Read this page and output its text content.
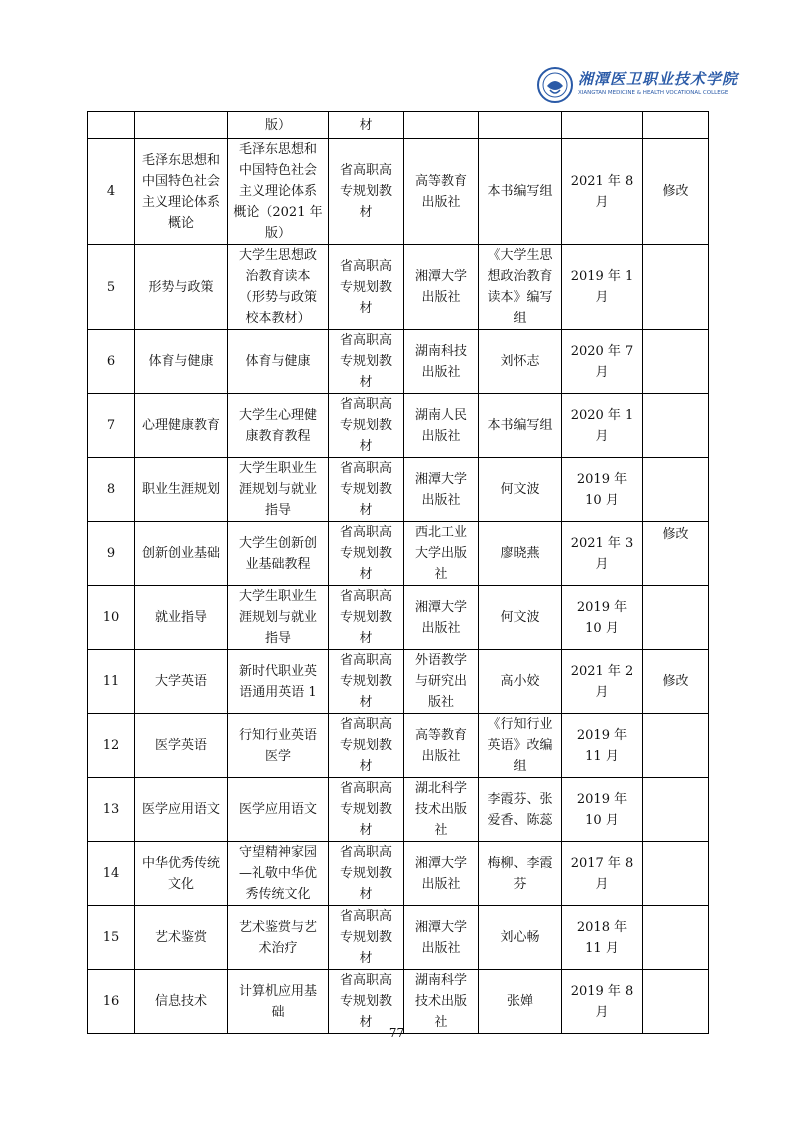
湘潭医卫职业技术学院
XIANGTAN MEDICINE & HEALTH VOCATIONAL COLLEGE
		版）	材				
4	毛泽东思想和中国特色社会主义理论体系概论	毛泽东思想和中国特色社会主义理论体系概论（2021 年版）	省高职高专规划教材	高等教育出版社	本书编写组	2021 年 8 月	修改
5	形势与政策	大学生思想政治教育读本（形势与政策校本教材）	省高职高专规划教材	湘潭大学出版社	《大学生思想政治教育读本》编写组	2019 年 1 月	
6	体育与健康	体育与健康	省高职高专规划教材	湖南科技出版社	刘怀志	2020 年 7 月	
7	心理健康教育	大学生心理健康教育教程	省高职高专规划教材	湖南人民出版社	本书编写组	2020 年 1 月	
8	职业生涯规划	大学生职业生涯规划与就业指导	省高职高专规划教材	湘潭大学出版社	何文波	2019 年 10 月	
9	创新创业基础	大学生创新创业基础教程	省高职高专规划教材	西北工业大学出版社	廖晓燕	2021 年 3 月	修改
10	就业指导	大学生职业生涯规划与就业指导	省高职高专规划教材	湘潭大学出版社	何文波	2019 年 10 月	
11	大学英语	新时代职业英语通用英语 1	省高职高专规划教材	外语教学与研究出版社	高小姣	2021 年 2 月	修改
12	医学英语	行知行业英语医学	省高职高专规划教材	高等教育出版社	《行知行业英语》改编组	2019 年 11 月	
13	医学应用语文	医学应用语文	省高职高专规划教材	湖北科学技术出版社	李霞芬、张爱香、陈蕊	2019 年 10 月	
14	中华优秀传统文化	守望精神家园—礼敬中华优秀传统文化	省高职高专规划教材	湘潭大学出版社	梅柳、李霞芬	2017 年 8 月	
15	艺术鉴赏	艺术鉴赏与艺术治疗	省高职高专规划教材	湘潭大学出版社	刘心畅	2018 年 11 月	
16	信息技术	计算机应用基础	省高职高专规划教材	湖南科学技术出版社	张婵	2019 年 8 月	
77
